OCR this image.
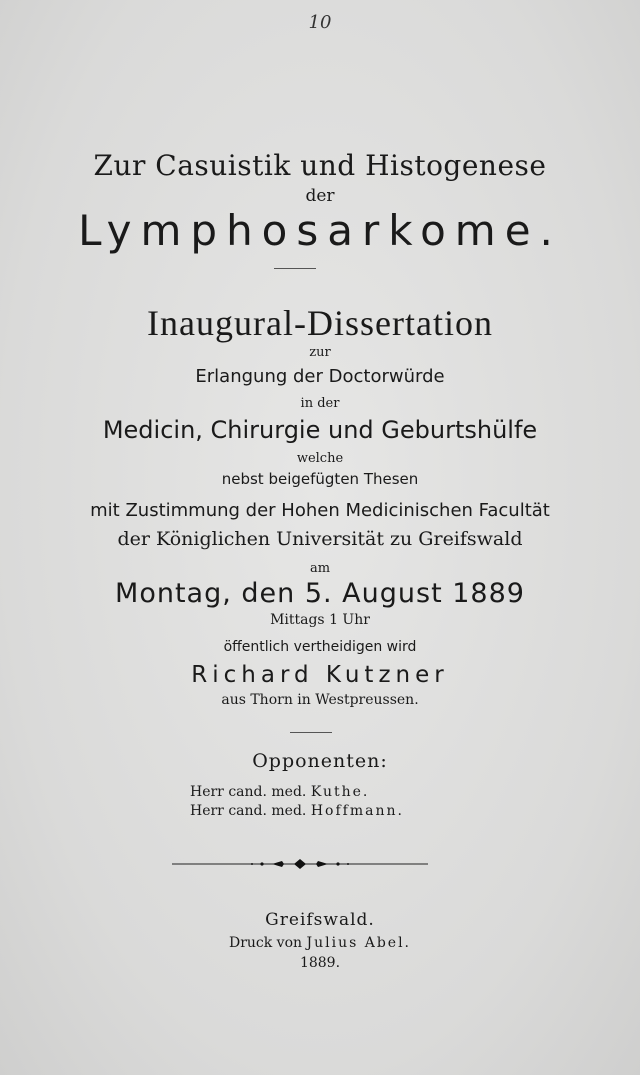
10
Zur Casuistik und Histogenese
der
Lymphosarkome.
Inaugural-Dissertation
zur
Erlangung der Doctorwürde
in der
Medicin, Chirurgie und Geburtshülfe
welche
nebst beigefügten Thesen
mit Zustimmung der Hohen Medicinischen Facultät
der Königlichen Universität zu Greifswald
am
Montag, den 5. August 1889
Mittags 1 Uhr
öffentlich vertheidigen wird
Richard Kutzner
aus Thorn in Westpreussen.
Opponenten:
Herr cand. med. Kuthe.
Herr cand. med. Hoffmann.
Greifswald.
Druck von Julius Abel.
1889.
